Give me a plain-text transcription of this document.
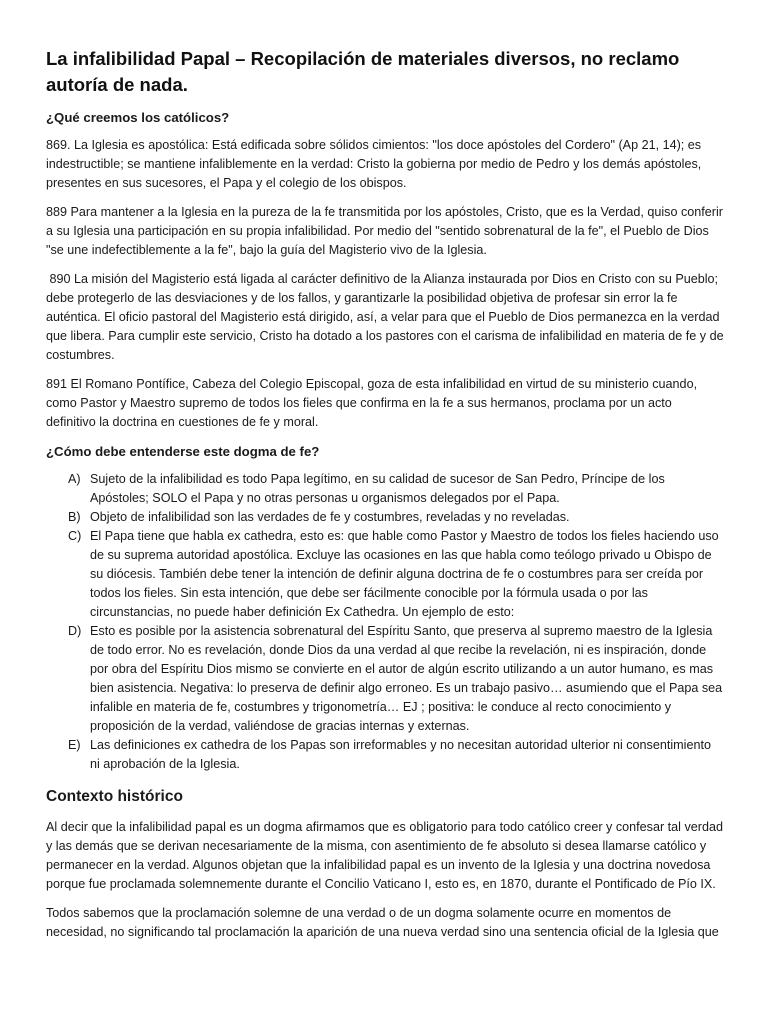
La infalibilidad Papal – Recopilación de materiales diversos, no reclamo autoría de nada.
¿Qué creemos los católicos?

869. La Iglesia es apostólica: Está edificada sobre sólidos cimientos: "los doce apóstoles del Cordero" (Ap 21, 14); es indestructible; se mantiene infaliblemente en la verdad: Cristo la gobierna por medio de Pedro y los demás apóstoles, presentes en sus sucesores, el Papa y el colegio de los obispos.

889 Para mantener a la Iglesia en la pureza de la fe transmitida por los apóstoles, Cristo, que es la Verdad, quiso conferir a su Iglesia una participación en su propia infalibilidad. Por medio del "sentido sobrenatural de la fe", el Pueblo de Dios "se une indefectiblemente a la fe", bajo la guía del Magisterio vivo de la Iglesia.

890 La misión del Magisterio está ligada al carácter definitivo de la Alianza instaurada por Dios en Cristo con su Pueblo; debe protegerlo de las desviaciones y de los fallos, y garantizarle la posibilidad objetiva de profesar sin error la fe auténtica. El oficio pastoral del Magisterio está dirigido, así, a velar para que el Pueblo de Dios permanezca en la verdad que libera. Para cumplir este servicio, Cristo ha dotado a los pastores con el carisma de infalibilidad en materia de fe y de costumbres.

891 El Romano Pontífice, Cabeza del Colegio Episcopal, goza de esta infalibilidad en virtud de su ministerio cuando, como Pastor y Maestro supremo de todos los fieles que confirma en la fe a sus hermanos, proclama por un acto definitivo la doctrina en cuestiones de fe y moral.

¿Cómo debe entenderse este dogma de fe?
A) Sujeto de la infalibilidad es todo Papa legítimo, en su calidad de sucesor de San Pedro, Príncipe de los Apóstoles; SOLO el Papa y no otras personas u organismos delegados por el Papa.
B) Objeto de infalibilidad son las verdades de fe y costumbres, reveladas y no reveladas.
C) El Papa tiene que habla ex cathedra, esto es: que hable como Pastor y Maestro de todos los fieles haciendo uso de su suprema autoridad apostólica. Excluye las ocasiones en las que habla como teólogo privado u Obispo de su diócesis. También debe tener la intención de definir alguna doctrina de fe o costumbres para ser creída por todos los fieles. Sin esta intención, que debe ser fácilmente conocible por la fórmula usada o por las circunstancias, no puede haber definición Ex Cathedra. Un ejemplo de esto:
D) Esto es posible por la asistencia sobrenatural del Espíritu Santo, que preserva al supremo maestro de la Iglesia de todo error. No es revelación, donde Dios da una verdad al que recibe la revelación, ni es inspiración, donde por obra del Espíritu Dios mismo se convierte en el autor de algún escrito utilizando a un autor humano, es mas bien asistencia. Negativa: lo preserva de definir algo erroneo. Es un trabajo pasivo… asumiendo que el Papa sea infalible en materia de fe, costumbres y trigonometría… EJ ; positiva: le conduce al recto conocimiento y proposición de la verdad, valiéndose de gracias internas y externas.
E) Las definiciones ex cathedra de los Papas son irreformables y no necesitan autoridad ulterior ni consentimiento ni aprobación de la Iglesia.
Contexto histórico

Al decir que la infalibilidad papal es un dogma afirmamos que es obligatorio para todo católico creer y confesar tal verdad y las demás que se derivan necesariamente de la misma, con asentimiento de fe absoluto si desea llamarse católico y permanecer en la verdad. Algunos objetan que la infalibilidad papal es un invento de la Iglesia y una doctrina novedosa porque fue proclamada solemnemente durante el Concilio Vaticano I, esto es, en 1870, durante el Pontificado de Pío IX.

Todos sabemos que la proclamación solemne de una verdad o de un dogma solamente ocurre en momentos de necesidad, no significando tal proclamación la aparición de una nueva verdad sino una sentencia oficial de la Iglesia que
